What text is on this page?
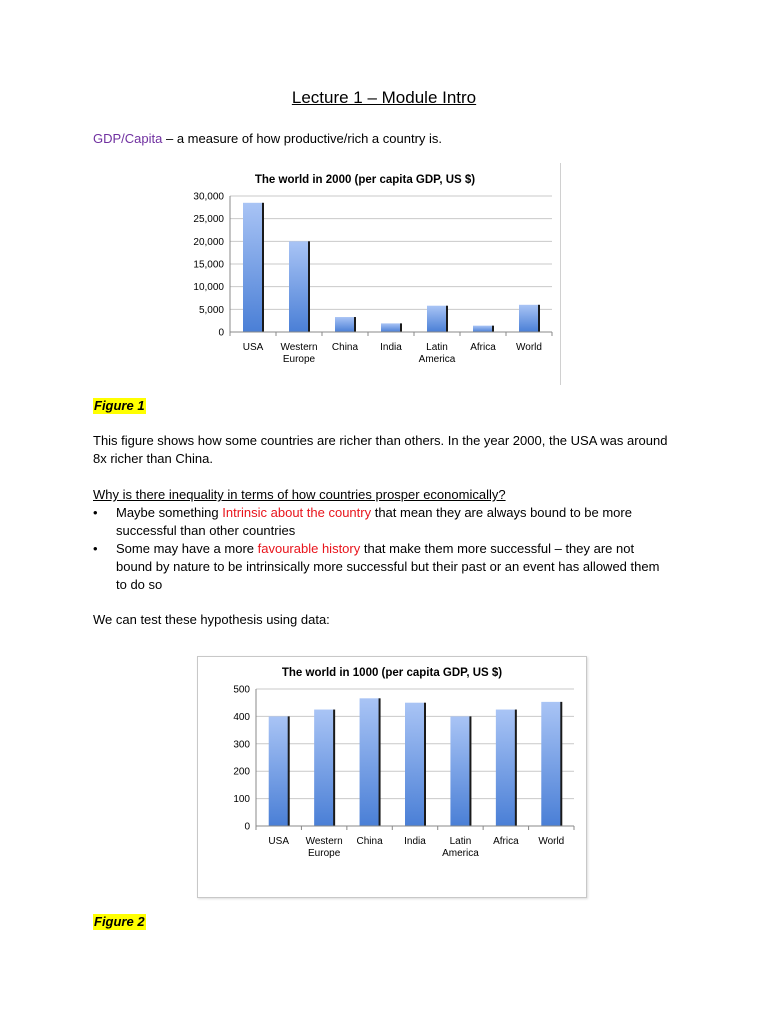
Lecture 1 – Module Intro
GDP/Capita – a measure of how productive/rich a country is.
The world in 2000 (per capita GDP, US $)
0
5,000
10,000
15,000
20,000
25,000
30,000
USA Western
Europe
China India Latin
America
Africa World
Figure 1
This figure shows how some countries are richer than others. In the year 2000, the USA was around 8x richer than China.
Why is there inequality in terms of how countries prosper economically?
• Maybe something Intrinsic about the country that mean they are always bound to be more successful than other countries
• Some may have a more favourable history that make them more successful – they are not bound by nature to be intrinsically more successful but their past or an event has allowed them to do so
We can test these hypothesis using data:
The world in 1000 (per capita GDP, US $)
0
100
200
300
400
500
USA Western
Europe
China India Latin
America
Africa World
Figure 2
